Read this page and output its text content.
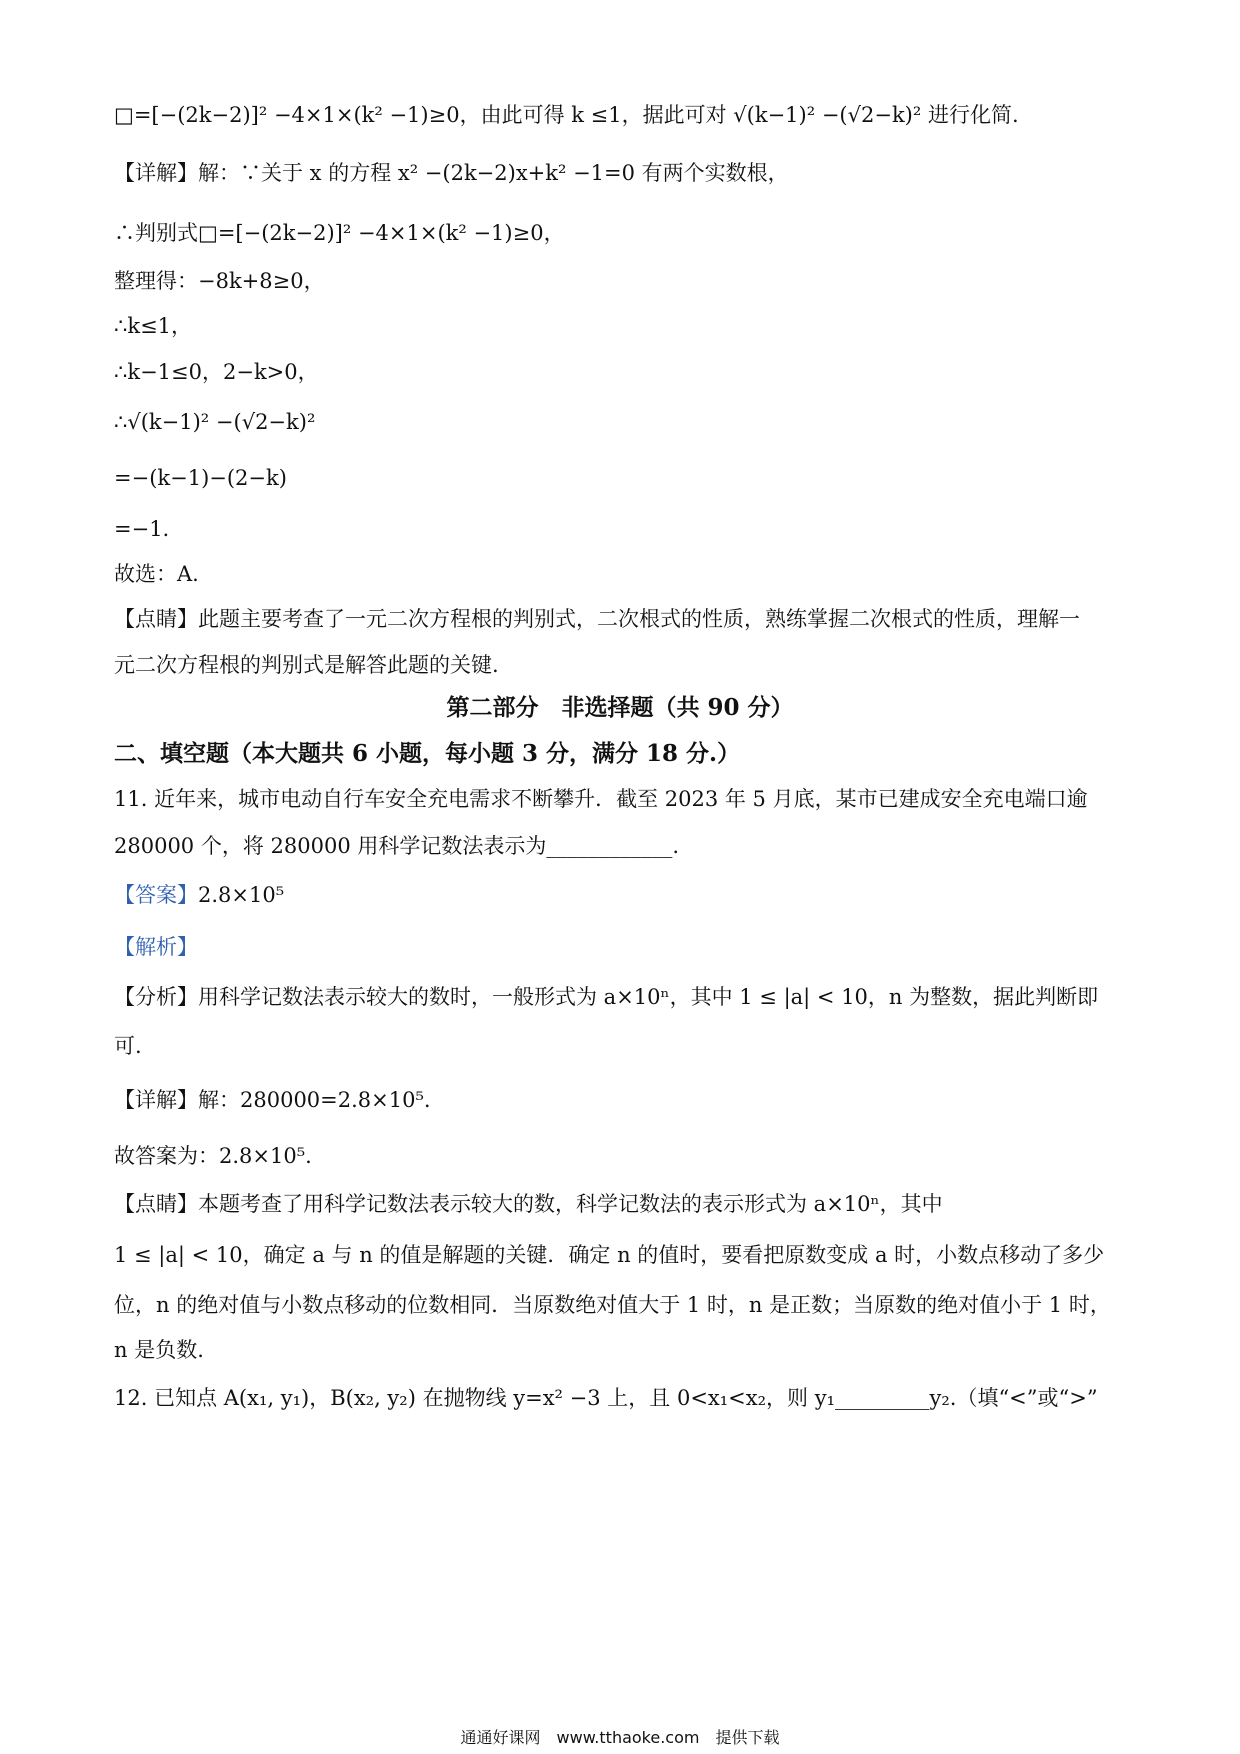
□=[−(2k−2)]² −4×1×(k² −1)≥0，由此可得 k ≤1，据此可对 √(k−1)² −(√2−k)² 进行化简.
【详解】解：∵关于 x 的方程 x² −(2k−2)x+k² −1=0 有两个实数根，
∴判别式□=[−(2k−2)]² −4×1×(k² −1)≥0，
整理得：−8k+8≥0，
∴k≤1，
∴k−1≤0，2−k>0，
∴√(k−1)² −(√2−k)²
=−(k−1)−(2−k)
=−1.
故选：A.
【点睛】此题主要考查了一元二次方程根的判别式，二次根式的性质，熟练掌握二次根式的性质，理解一
元二次方程根的判别式是解答此题的关键.
第二部分　非选择题（共 90 分）
二、填空题（本大题共 6 小题，每小题 3 分，满分 18 分.）
11. 近年来，城市电动自行车安全充电需求不断攀升．截至 2023 年 5 月底，某市已建成安全充电端口逾
280000 个，将 280000 用科学记数法表示为____________.
【答案】2.8×10⁵
【解析】
【分析】用科学记数法表示较大的数时，一般形式为 a×10ⁿ，其中 1 ≤ |a| < 10，n 为整数，据此判断即
可.
【详解】解：280000=2.8×10⁵.
故答案为：2.8×10⁵.
【点睛】本题考查了用科学记数法表示较大的数，科学记数法的表示形式为 a×10ⁿ，其中
1 ≤ |a| < 10，确定 a 与 n 的值是解题的关键．确定 n 的值时，要看把原数变成 a 时，小数点移动了多少
位，n 的绝对值与小数点移动的位数相同．当原数绝对值大于 1 时，n 是正数；当原数的绝对值小于 1 时，
n 是负数.
12. 已知点 A(x₁, y₁)，B(x₂, y₂) 在抛物线 y=x² −3 上，且 0<x₁<x₂，则 y₁_________y₂.（填“<”或“>”
通通好课网　www.tthaoke.com　提供下载
